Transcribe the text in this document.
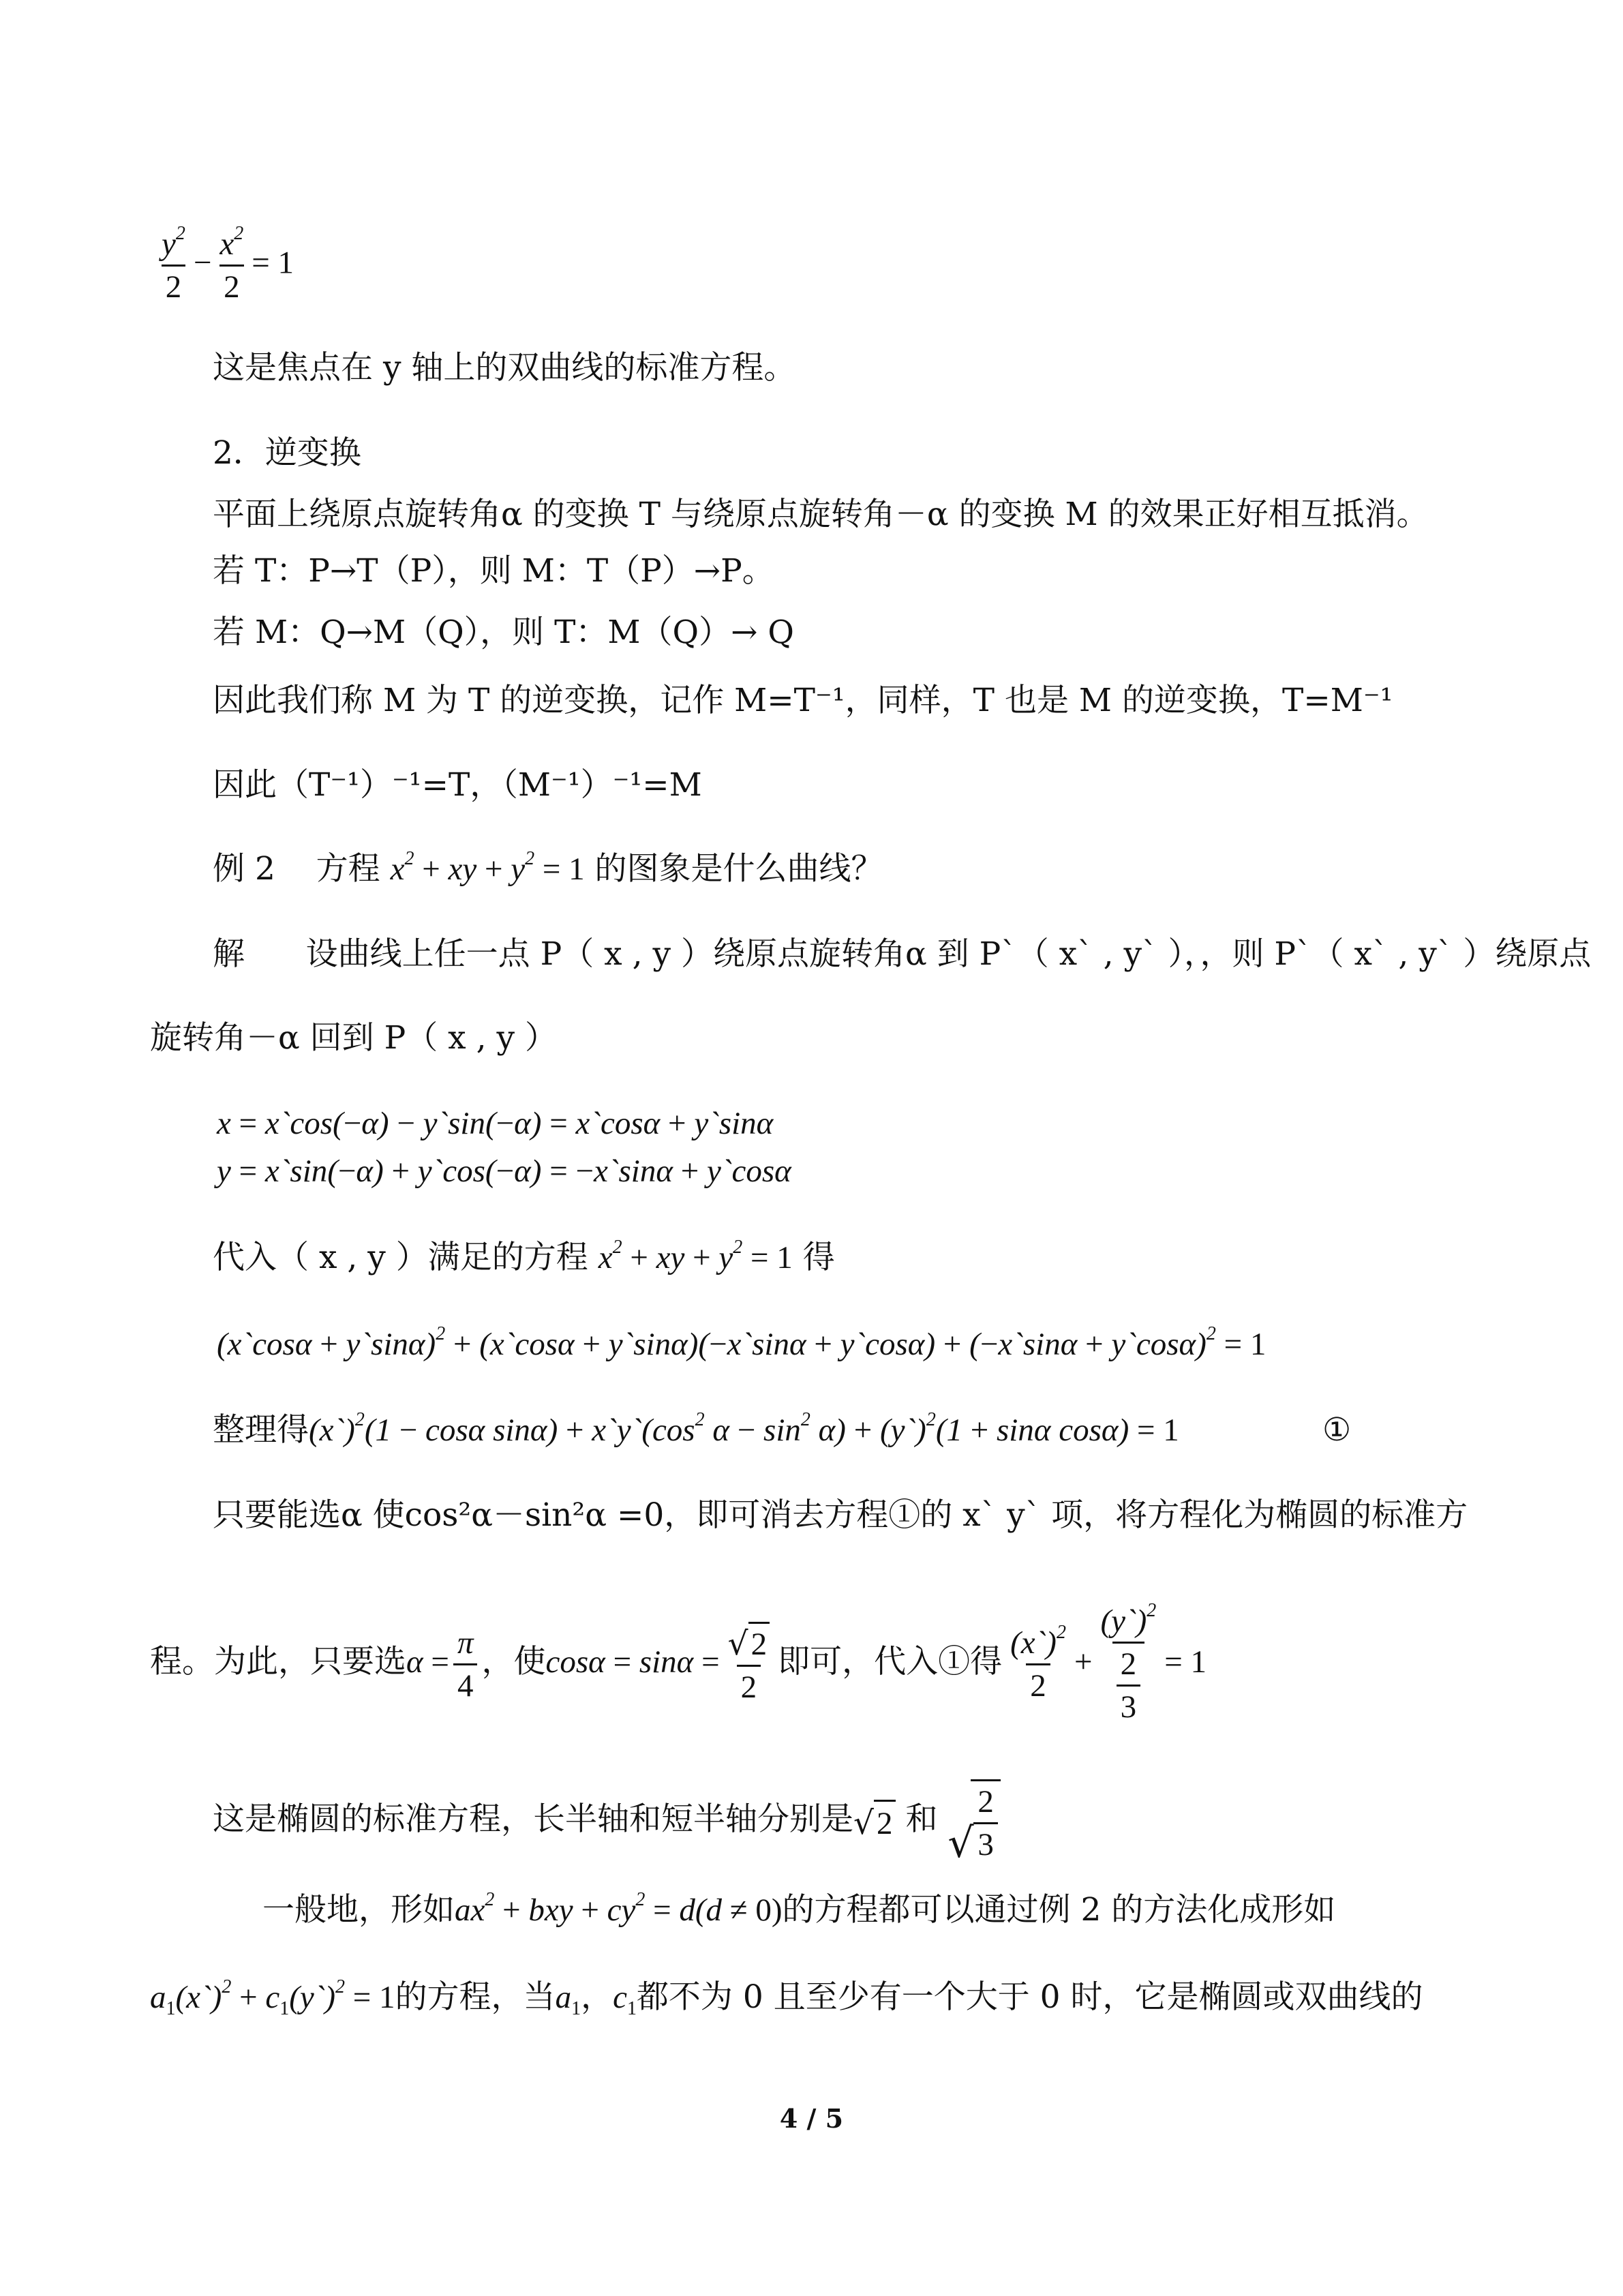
$\frac{y^2}{2} - \frac{x^2}{2} = 1$
这是焦点在 y 轴上的双曲线的标准方程。
2．逆变换
平面上绕原点旋转角α 的变换 T 与绕原点旋转角－α 的变换 M 的效果正好相互抵消。
若 T：P→T（P），则 M：T（P）→P。
若 M：Q→M（Q），则 T：M（Q）→ Q
因此我们称 M 为 T 的逆变换，记作 M=T⁻¹，同样，T 也是 M 的逆变换，T=M⁻¹
因此（T⁻¹）⁻¹=T，（M⁻¹）⁻¹=M
例 2 方程 $x^2$ + xy + $y^2 = 1$ 的图象是什么曲线？
解 设曲线上任一点 P（ x , y ）绕原点旋转角α 到 P`（ x` , y` ），，则 P`（ x` , y` ）绕原点
旋转角－α 回到 P（ x , y ）
x = x`cos(−α) − y`sin(−α) = x`cosα + y`sinα
y = x`sin(−α) + y`cos(−α) = −x`sinα + y`cosα
代入（ x , y ）满足的方程 $x^2$ + xy + $y^2 = 1$ 得
(x`cosα + y`sinα)$^2$ + (x`cosα + y`sinα)(−x`sinα + y`cosα) + (−x`sinα + y`cosα)$^2$ = 1
整理得(x`)$^2$(1 − cosα $\sin\alpha) + x`y`(\cos^2$ $\alpha - \sin^2 \alpha$) + (y`)$^2$(1 + sinα cosα) = 1	①
只要能选α 使cos²α－sin²α =0，即可消去方程①的 x` y` 项，将方程化为椭圆的标准方
程。为此，只要选$\alpha = \frac{\pi}{4}$ ，使$\cos\alpha = \sin\alpha = \frac{√ 2}{2}$ 即可，代入①得 $\frac{(x`)^2}{2} + \frac{(y`)^2}{\frac{2}{3}} = 1$
这是椭圆的标准方程，长半轴和短半轴分别是 √ 2 和
√ $\frac{2}{3}$
一般地，形如$ax^2$ + bxy + $cy^2 = d(d \ne 0)$的方程都可以通过例 2 的方法化成形如
$a_1(x`)^2$ + $c_1(y`)^2 = 1$的方程，当$a_1$，$c_1$都不为 0 且至少有一个大于 0 时，它是椭圆或双曲线的
4 / 5
